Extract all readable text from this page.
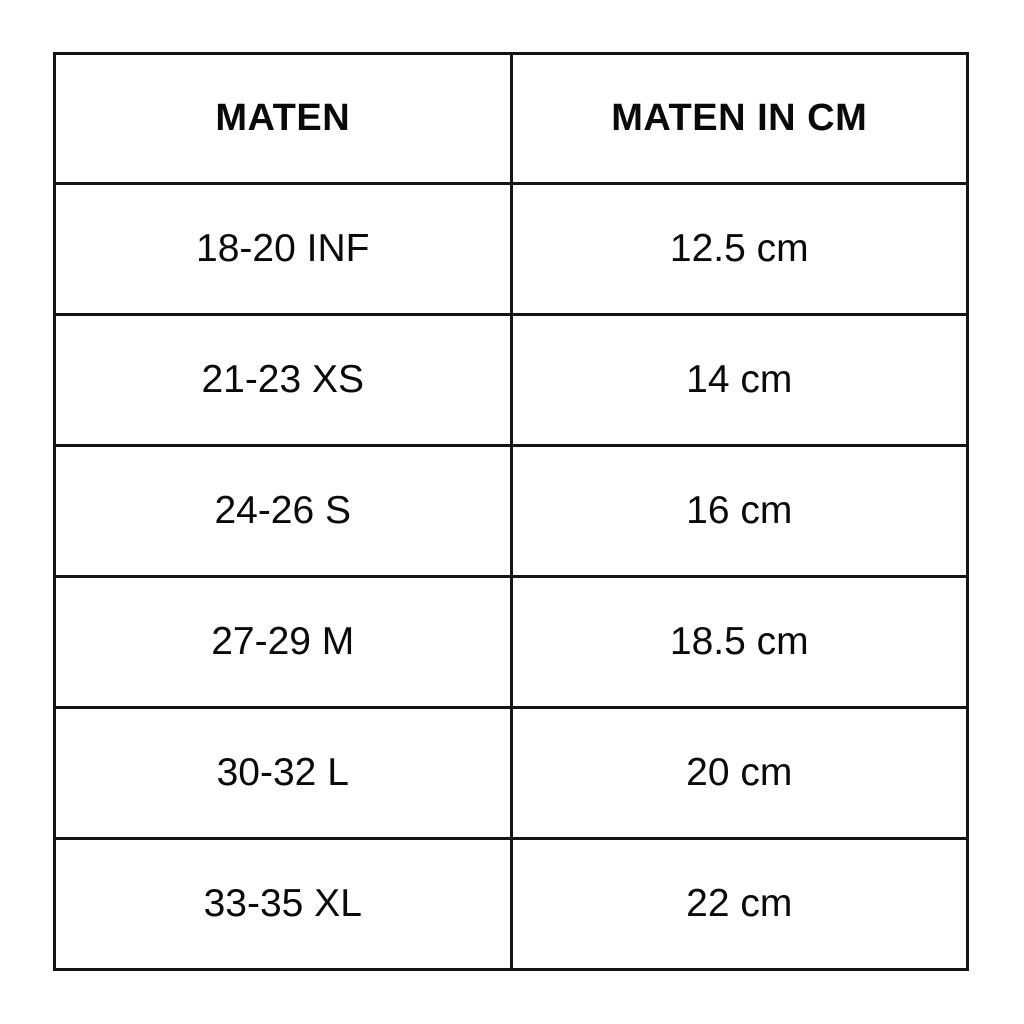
MATEN	MATEN IN CM
18-20 INF	12.5 cm
21-23 XS	14 cm
24-26 S	16 cm
27-29 M	18.5 cm
30-32 L	20 cm
33-35 XL	22 cm
